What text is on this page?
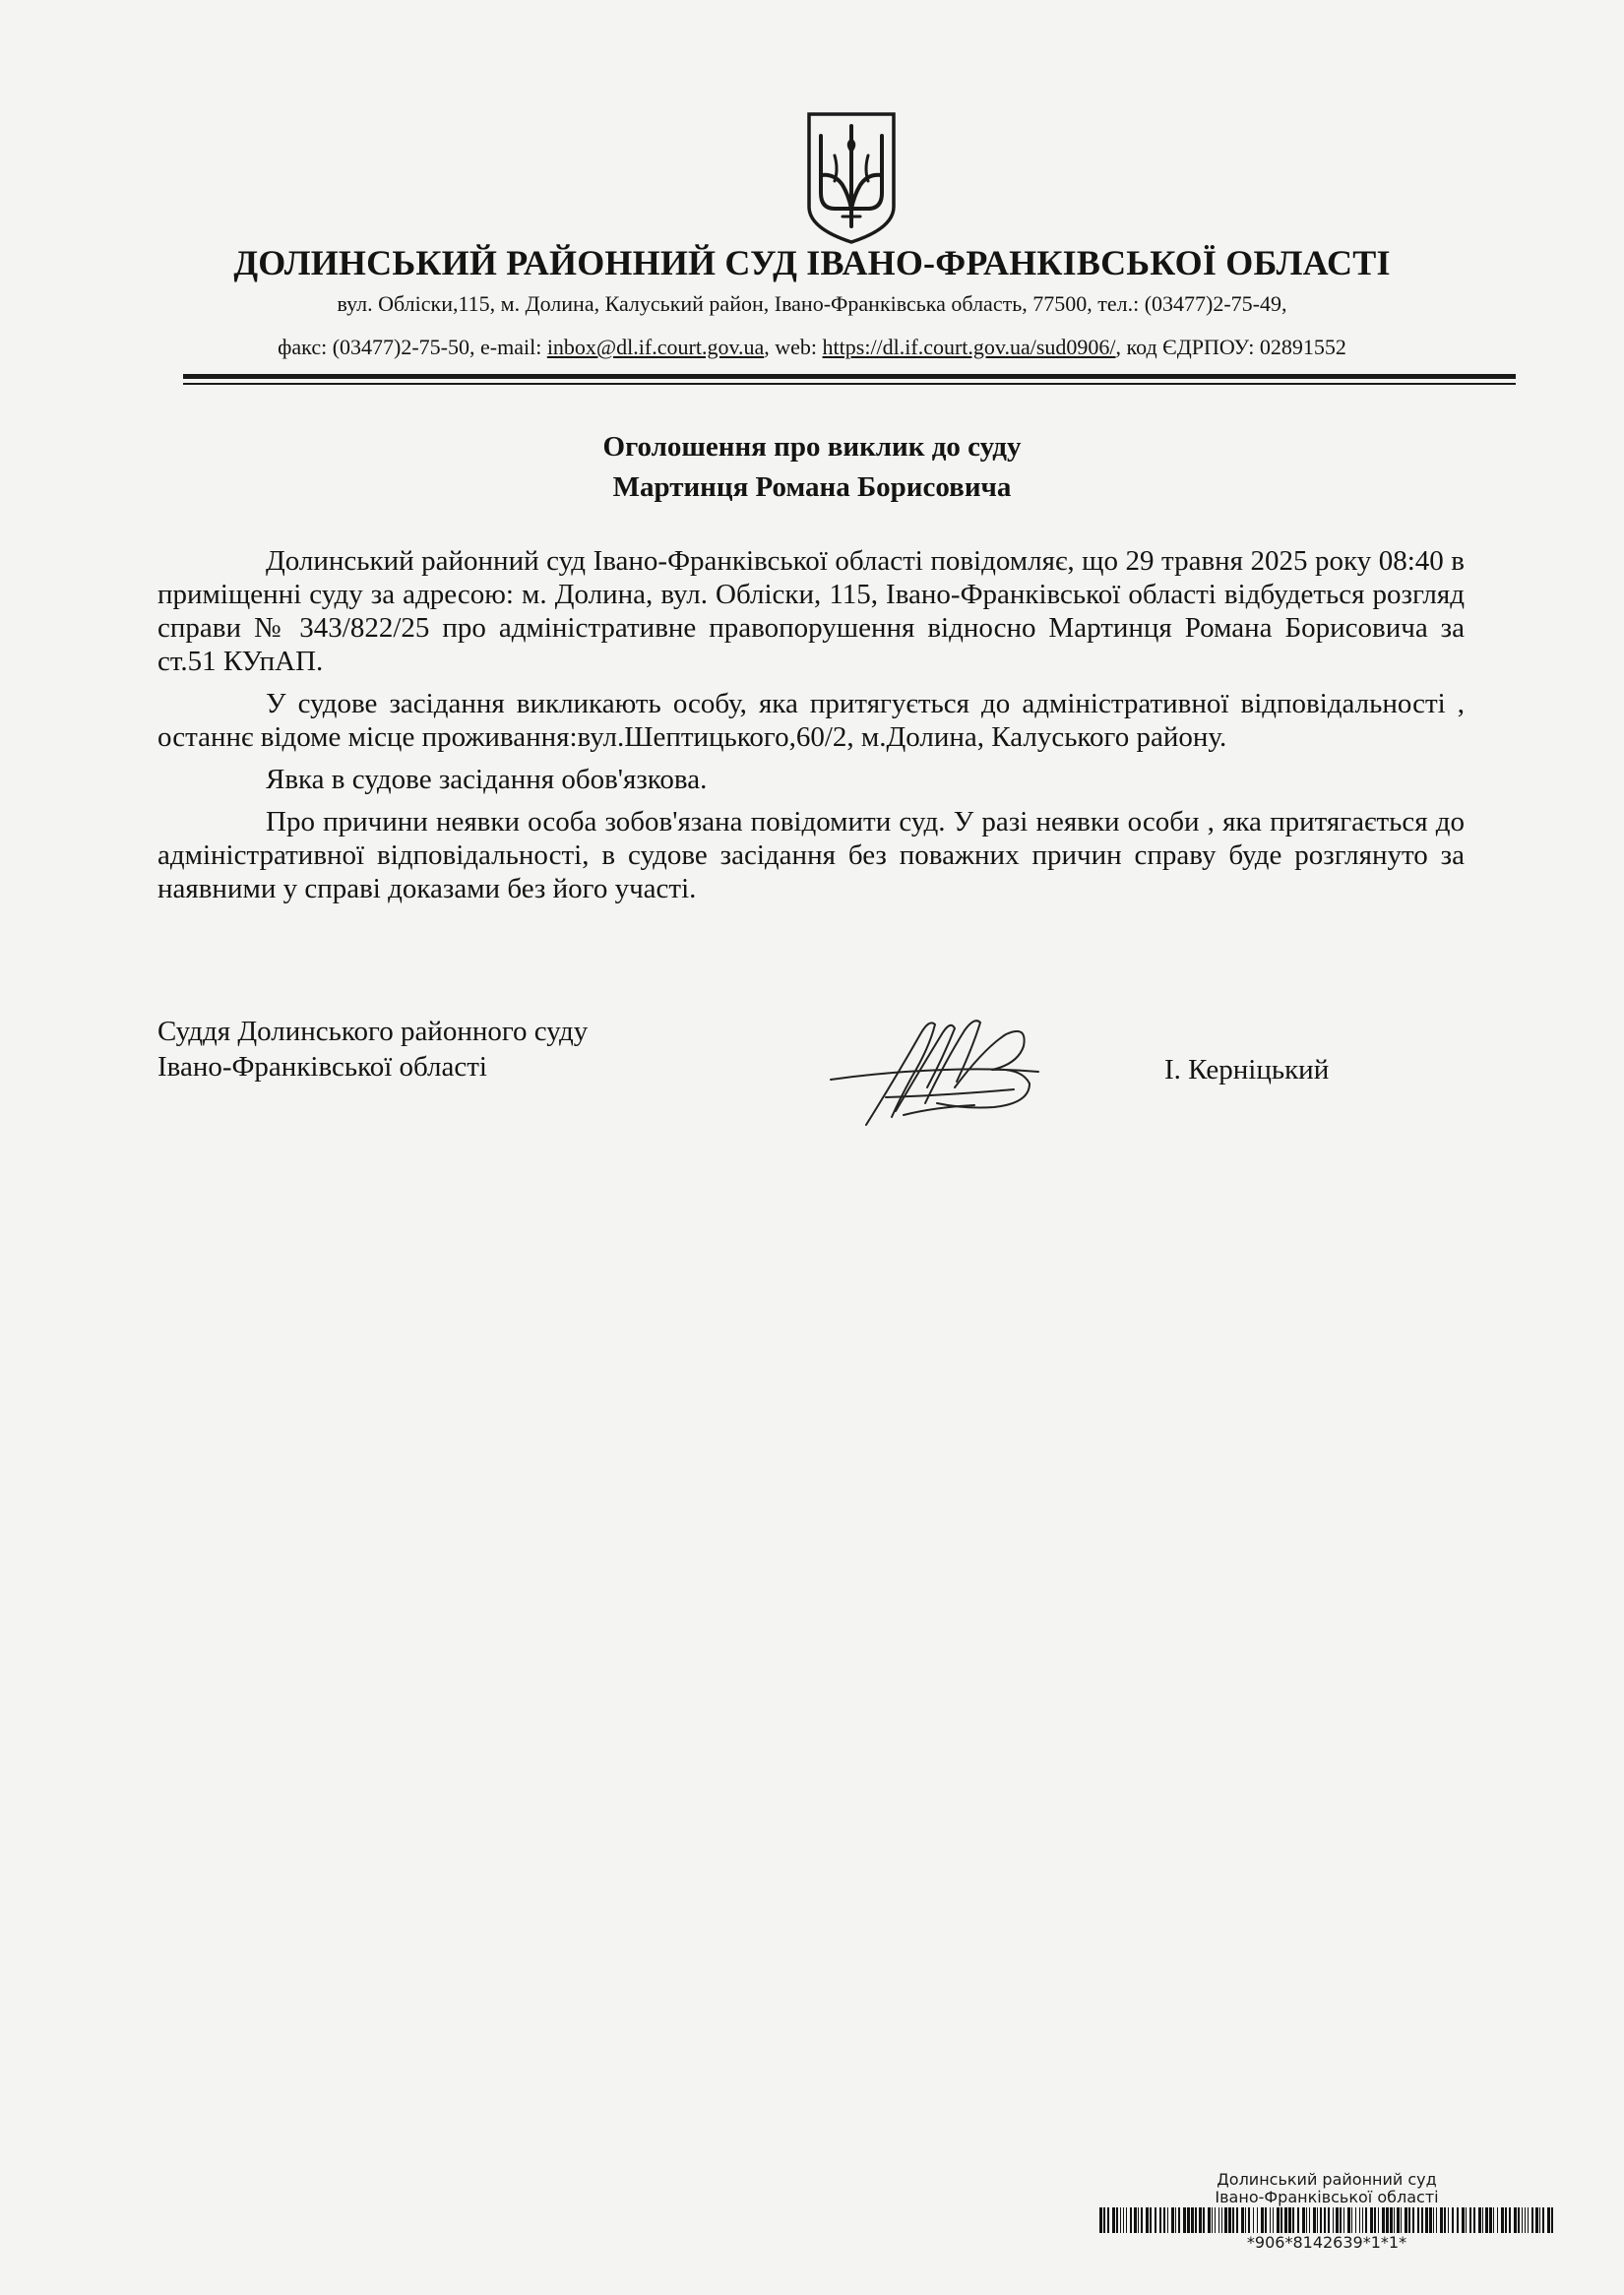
ДОЛИНСЬКИЙ РАЙОННИЙ СУД ІВАНО-ФРАНКІВСЬКОЇ ОБЛАСТІ
вул. Обліски,115, м. Долина, Калуський район, Івано-Франківська область, 77500, тел.: (03477)2-75-49,
факс: (03477)2-75-50, e-mail: inbox@dl.if.court.gov.ua, web: https://dl.if.court.gov.ua/sud0906/, код ЄДРПОУ: 02891552
Оголошення про виклик до суду
Мартинця Романа Борисовича

Долинський районний суд Івано-Франківської області повідомляє, що 29 травня 2025 року 08:40 в приміщенні суду за адресою: м. Долина, вул. Обліски, 115, Івано-Франківської області відбудеться розгляд справи № 343/822/25 про адміністративне правопорушення відносно Мартинця Романа Борисовича за ст.51 КУпАП.

У судове засідання викликають особу, яка притягується до адміністративної відповідальності , останнє відоме місце проживання:вул.Шептицького,60/2, м.Долина, Калуського району.

Явка в судове засідання обов'язкова.

Про причини неявки особа зобов'язана повідомити суд. У разі неявки особи , яка притягається до адміністративної відповідальності, в судове засідання без поважних причин справу буде розглянуто за наявними у справі доказами без його участі.

Суддя Долинського районного суду
Івано-Франківської області	І. Керніцький
Долинський районний суд
Івано-Франківської області
*906*8142639*1*1*
